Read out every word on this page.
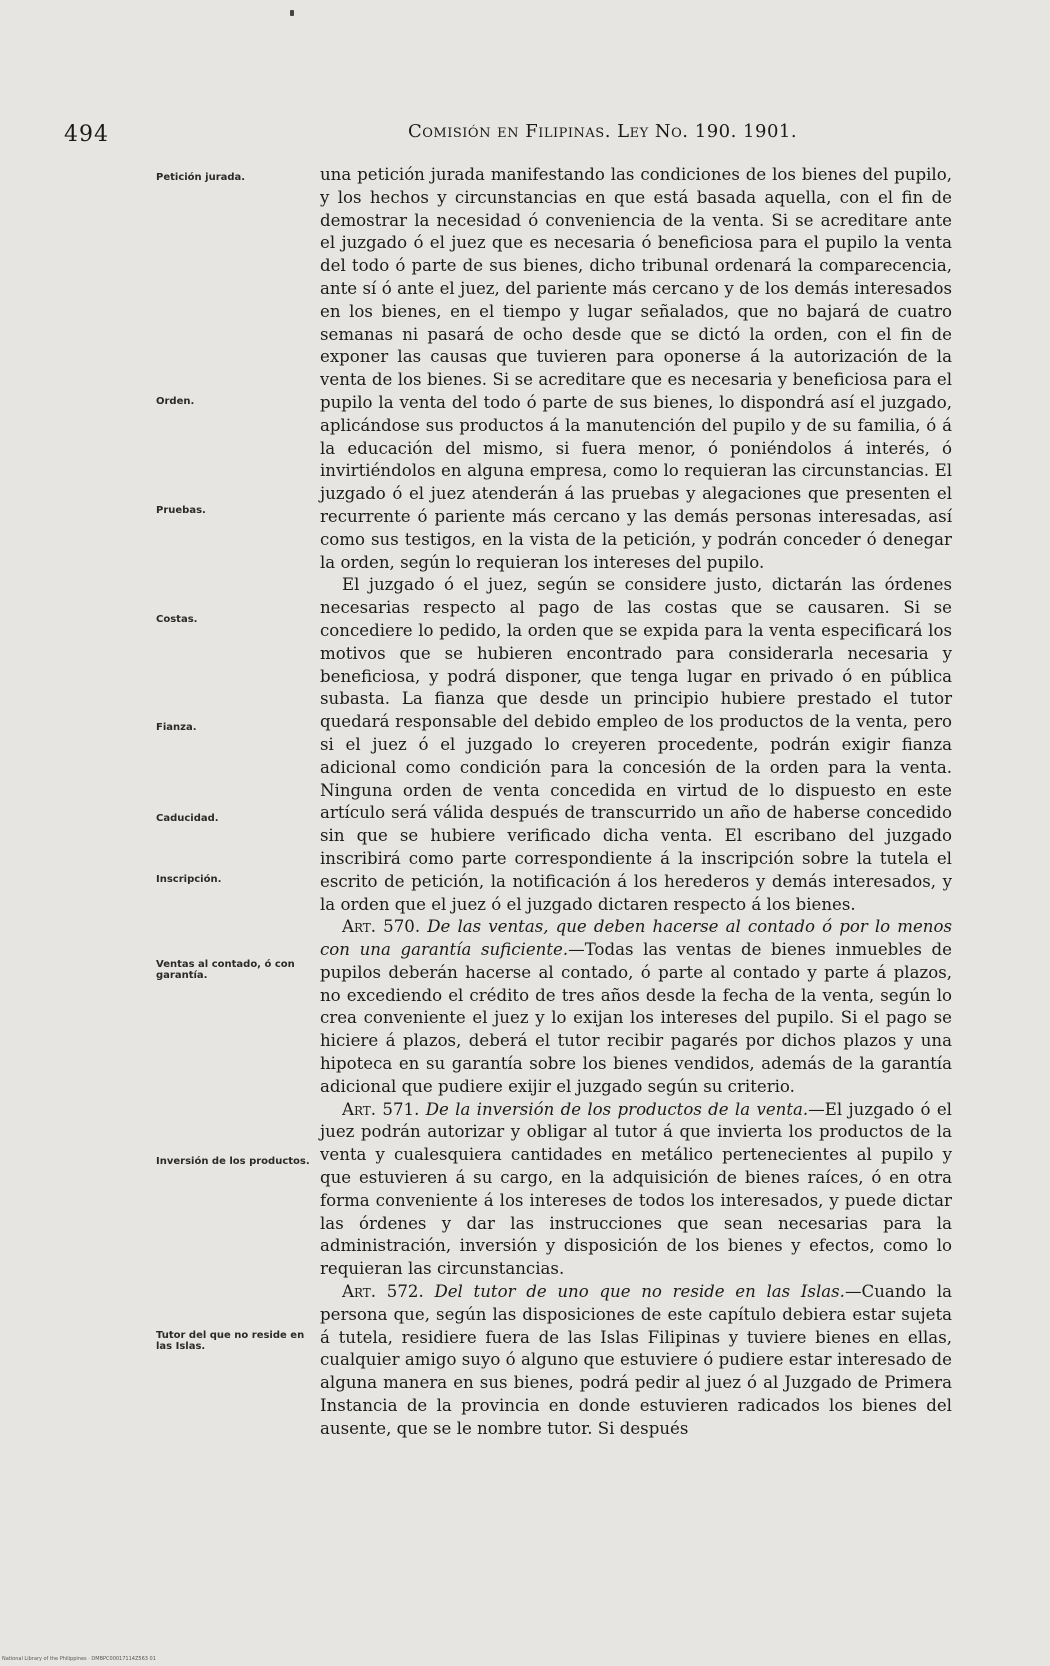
494	Comisión en Filipinas. Ley No. 190. 1901.
Petición jurada.
Orden.
Pruebas.
Costas.
Fianza.
Caducidad.
Inscripción.
Ventas al contado, ó con garantía.
Inversión de los productos.
Tutor del que no reside en las Islas.

una petición jurada manifestando las condiciones de los bienes del pupilo, y los hechos y circunstancias en que está basada aquella, con el fin de demostrar la necesidad ó conveniencia de la venta. Si se acreditare ante el juzgado ó el juez que es necesaria ó beneficiosa para el pupilo la venta del todo ó parte de sus bienes, dicho tribunal ordenará la comparecencia, ante sí ó ante el juez, del pariente más cercano y de los demás interesados en los bienes, en el tiempo y lugar señalados, que no bajará de cuatro semanas ni pasará de ocho desde que se dictó la orden, con el fin de exponer las causas que tuvieren para oponerse á la autorización de la venta de los bienes. Si se acreditare que es necesaria y beneficiosa para el pupilo la venta del todo ó parte de sus bienes, lo dispondrá así el juzgado, aplicándose sus productos á la manutención del pupilo y de su familia, ó á la educación del mismo, si fuera menor, ó poniéndolos á interés, ó invirtiéndolos en alguna empresa, como lo requieran las circunstancias. El juzgado ó el juez atenderán á las pruebas y alegaciones que presenten el recurrente ó pariente más cercano y las demás personas interesadas, así como sus testigos, en la vista de la petición, y podrán conceder ó denegar la orden, según lo requieran los intereses del pupilo.

El juzgado ó el juez, según se considere justo, dictarán las órdenes necesarias respecto al pago de las costas que se causaren. Si se concediere lo pedido, la orden que se expida para la venta especificará los motivos que se hubieren encontrado para considerarla necesaria y beneficiosa, y podrá disponer, que tenga lugar en privado ó en pública subasta. La fianza que desde un principio hubiere prestado el tutor quedará responsable del debido empleo de los productos de la venta, pero si el juez ó el juzgado lo creyeren procedente, podrán exigir fianza adicional como condición para la concesión de la orden para la venta. Ninguna orden de venta concedida en virtud de lo dispuesto en este artículo será válida después de transcurrido un año de haberse concedido sin que se hubiere verificado dicha venta. El escribano del juzgado inscribirá como parte correspondiente á la inscripción sobre la tutela el escrito de petición, la notificación á los herederos y demás interesados, y la orden que el juez ó el juzgado dictaren respecto á los bienes.

Art. 570. De las ventas, que deben hacerse al contado ó por lo menos con una garantía suficiente.—Todas las ventas de bienes inmuebles de pupilos deberán hacerse al contado, ó parte al contado y parte á plazos, no excediendo el crédito de tres años desde la fecha de la venta, según lo crea conveniente el juez y lo exijan los intereses del pupilo. Si el pago se hiciere á plazos, deberá el tutor recibir pagarés por dichos plazos y una hipoteca en su garantía sobre los bienes vendidos, además de la garantía adicional que pudiere exijir el juzgado según su criterio.

Art. 571. De la inversión de los productos de la venta.—El juzgado ó el juez podrán autorizar y obligar al tutor á que invierta los productos de la venta y cualesquiera cantidades en metálico pertenecientes al pupilo y que estuvieren á su cargo, en la adquisición de bienes raíces, ó en otra forma conveniente á los intereses de todos los interesados, y puede dictar las órdenes y dar las instrucciones que sean necesarias para la administración, inversión y disposición de los bienes y efectos, como lo requieran las circunstancias.

Art. 572. Del tutor de uno que no reside en las Islas.—Cuando la persona que, según las disposiciones de este capítulo debiera estar sujeta á tutela, residiere fuera de las Islas Filipinas y tuviere bienes en ellas, cualquier amigo suyo ó alguno que estuviere ó pudiere estar interesado de alguna manera en sus bienes, podrá pedir al juez ó al Juzgado de Primera Instancia de la provincia en donde estuvieren radicados los bienes del ausente, que se le nombre tutor. Si después

National Library of the Philippines · DMBPC00017114Z563 01
